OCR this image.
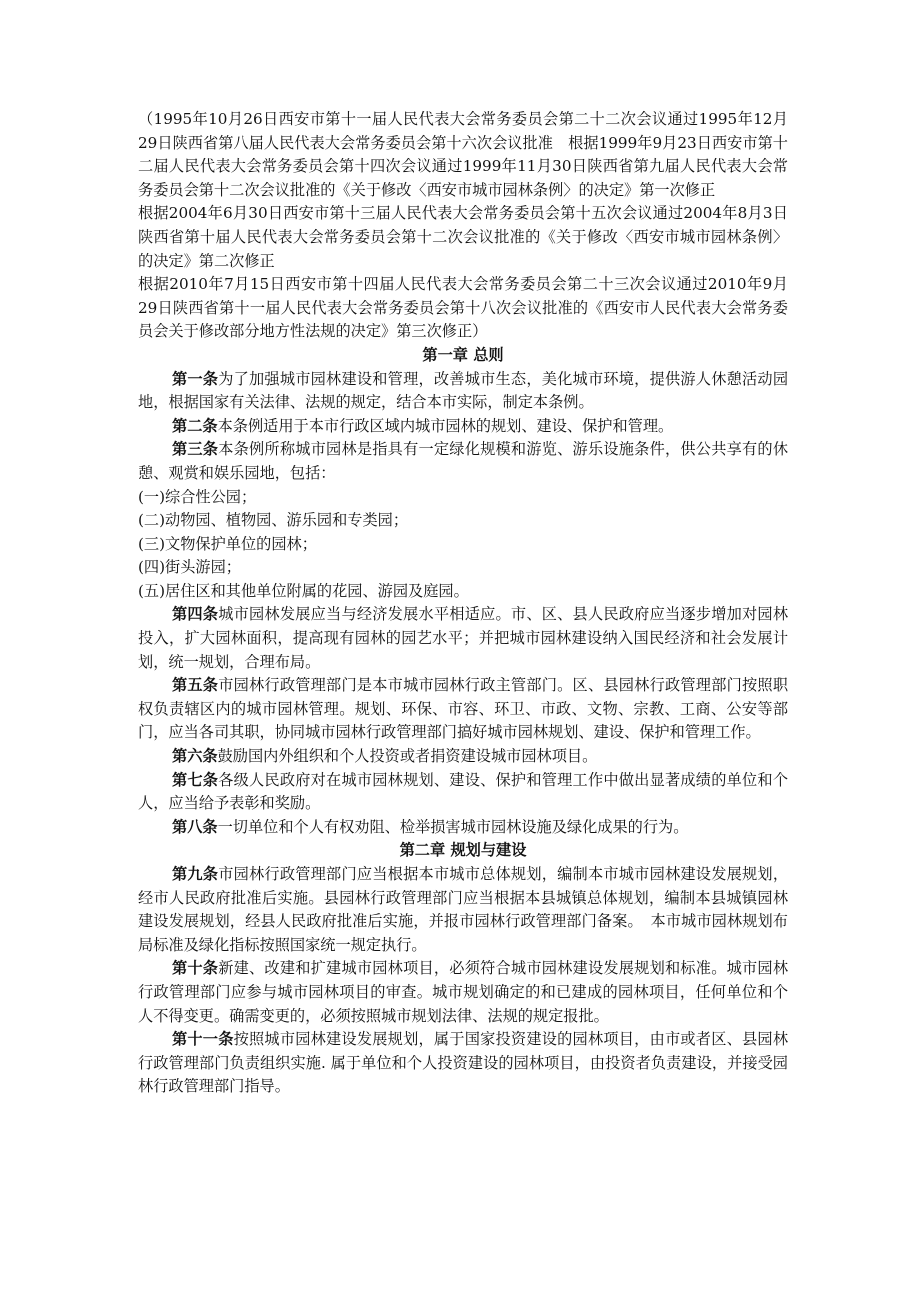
（1995年10月26日西安市第十一届人民代表大会常务委员会第二十二次会议通过1995年12月29日陕西省第八届人民代表大会常务委员会第十六次会议批准　根据1999年9月23日西安市第十二届人民代表大会常务委员会第十四次会议通过1999年11月30日陕西省第九届人民代表大会常务委员会第十二次会议批准的《关于修改〈西安市城市园林条例〉的决定》第一次修正

根据2004年6月30日西安市第十三届人民代表大会常务委员会第十五次会议通过2004年8月3日陕西省第十届人民代表大会常务委员会第十二次会议批准的《关于修改〈西安市城市园林条例〉的决定》第二次修正

根据2010年7月15日西安市第十四届人民代表大会常务委员会第二十三次会议通过2010年9月29日陕西省第十一届人民代表大会常务委员会第十八次会议批准的《西安市人民代表大会常务委员会关于修改部分地方性法规的决定》第三次修正）

第一章 总则

第一条为了加强城市园林建设和管理，改善城市生态，美化城市环境，提供游人休憩活动园地，根据国家有关法律、法规的规定，结合本市实际，制定本条例。

第二条本条例适用于本市行政区域内城市园林的规划、建设、保护和管理。

第三条本条例所称城市园林是指具有一定绿化规模和游览、游乐设施条件，供公共享有的休憩、观赏和娱乐园地，包括：

(一)综合性公园；

(二)动物园、植物园、游乐园和专类园；

(三)文物保护单位的园林；

(四)街头游园；

(五)居住区和其他单位附属的花园、游园及庭园。

第四条城市园林发展应当与经济发展水平相适应。市、区、县人民政府应当逐步增加对园林投入，扩大园林面积，提高现有园林的园艺水平；并把城市园林建设纳入国民经济和社会发展计划，统一规划，合理布局。

第五条市园林行政管理部门是本市城市园林行政主管部门。区、县园林行政管理部门按照职权负责辖区内的城市园林管理。规划、环保、市容、环卫、市政、文物、宗教、工商、公安等部门，应当各司其职，协同城市园林行政管理部门搞好城市园林规划、建设、保护和管理工作。

第六条鼓励国内外组织和个人投资或者捐资建设城市园林项目。

第七条各级人民政府对在城市园林规划、建设、保护和管理工作中做出显著成绩的单位和个人，应当给予表彰和奖励。

第八条一切单位和个人有权劝阻、检举损害城市园林设施及绿化成果的行为。

第二章 规划与建设

第九条市园林行政管理部门应当根据本市城市总体规划，编制本市城市园林建设发展规划，经市人民政府批准后实施。县园林行政管理部门应当根据本县城镇总体规划，编制本县城镇园林建设发展规划，经县人民政府批准后实施，并报市园林行政管理部门备案。　本市城市园林规划布局标准及绿化指标按照国家统一规定执行。

第十条新建、改建和扩建城市园林项目，必须符合城市园林建设发展规划和标准。城市园林行政管理部门应参与城市园林项目的审查。城市规划确定的和已建成的园林项目，任何单位和个人不得变更。确需变更的，必须按照城市规划法律、法规的规定报批。

第十一条按照城市园林建设发展规划，属于国家投资建设的园林项目，由市或者区、县园林行政管理部门负责组织实施. 属于单位和个人投资建设的园林项目，由投资者负责建设，并接受园林行政管理部门指导。
